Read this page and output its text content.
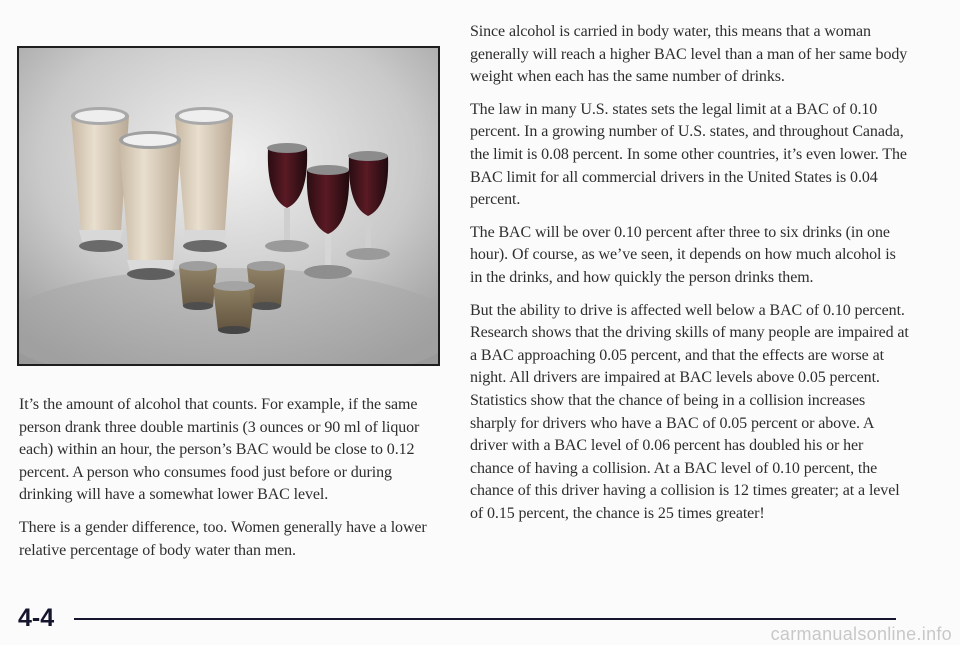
It’s the amount of alcohol that counts. For example, if the same person drank three double martinis (3 ounces or 90 ml of liquor each) within an hour, the person’s BAC would be close to 0.12 percent. A person who consumes food just before or during drinking will have a somewhat lower BAC level.

There is a gender difference, too. Women generally have a lower relative percentage of body water than men.

Since alcohol is carried in body water, this means that a woman generally will reach a higher BAC level than a man of her same body weight when each has the same number of drinks.

The law in many U.S. states sets the legal limit at a BAC of 0.10 percent. In a growing number of U.S. states, and throughout Canada, the limit is 0.08 percent. In some other countries, it’s even lower. The BAC limit for all commercial drivers in the United States is 0.04 percent.

The BAC will be over 0.10 percent after three to six drinks (in one hour). Of course, as we’ve seen, it depends on how much alcohol is in the drinks, and how quickly the person drinks them.

But the ability to drive is affected well below a BAC of 0.10 percent. Research shows that the driving skills of many people are impaired at a BAC approaching 0.05 percent, and that the effects are worse at night. All drivers are impaired at BAC levels above 0.05 percent. Statistics show that the chance of being in a collision increases sharply for drivers who have a BAC of 0.05 percent or above. A driver with a BAC level of 0.06 percent has doubled his or her chance of having a collision. At a BAC level of 0.10 percent, the chance of this driver having a collision is 12 times greater; at a level of 0.15 percent, the chance is 25 times greater!

4-4
carmanualsonline.info
